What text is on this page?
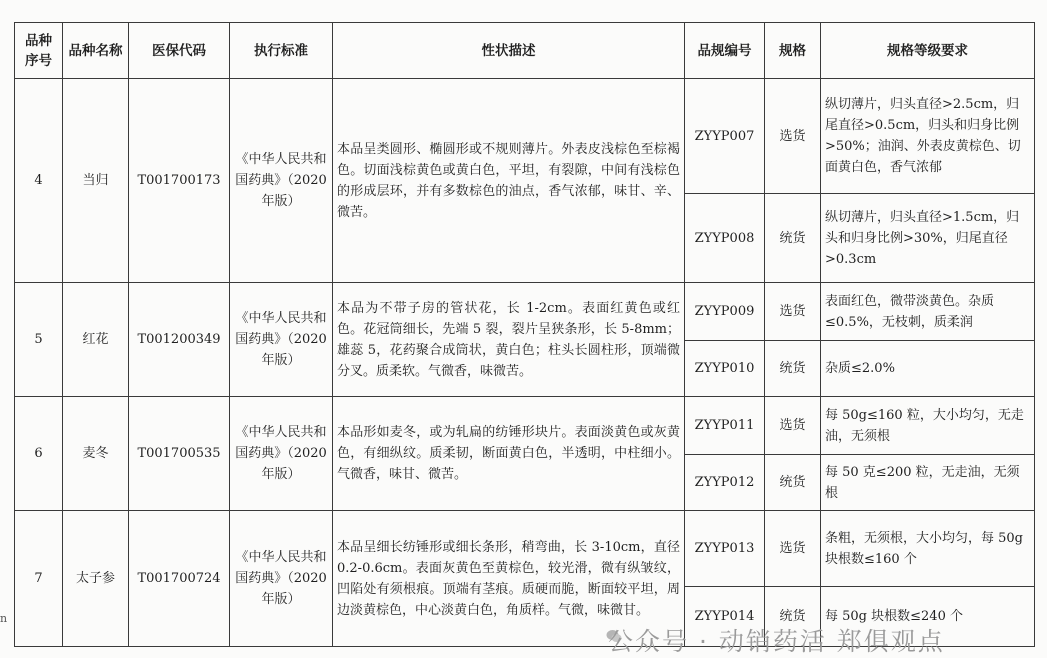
品种序号	品种名称	医保代码	执行标准	性状描述	品规编号	规格	规格等级要求
4	当归	T001700173	《中华人民共和国药典》（2020 年版）	本品呈类圆形、椭圆形或不规则薄片。外表皮浅棕色至棕褐色。切面浅棕黄色或黄白色，平坦，有裂隙，中间有浅棕色的形成层环，并有多数棕色的油点，香气浓郁，味甘、辛、微苦。	ZYYP007	选货	纵切薄片，归头直径>2.5cm，归尾直径>0.5cm，归头和归身比例>50%；油润、外表皮黄棕色、切面黄白色，香气浓郁
					ZYYP008	统货	纵切薄片，归头直径>1.5cm，归头和归身比例>30%，归尾直径>0.3cm
5	红花	T001200349	《中华人民共和国药典》（2020 年版）	本品为不带子房的管状花，长 1-2cm。表面红黄色或红色。花冠筒细长，先端 5 裂，裂片呈狭条形，长 5-8mm；雄蕊 5，花药聚合成筒状，黄白色；柱头长圆柱形，顶端微分叉。质柔软。气微香，味微苦。	ZYYP009	选货	表面红色，微带淡黄色。杂质≤0.5%，无枝刺，质柔润
					ZYYP010	统货	杂质≤2.0%
6	麦冬	T001700535	《中华人民共和国药典》（2020 年版）	本品形如麦冬，或为轧扁的纺锤形块片。表面淡黄色或灰黄色，有细纵纹。质柔韧，断面黄白色，半透明，中柱细小。气微香，味甘、微苦。	ZYYP011	选货	每 50g≤160 粒，大小均匀，无走油，无须根
					ZYYP012	统货	每 50 克≤200 粒，无走油，无须根
7	太子参	T001700724	《中华人民共和国药典》（2020 年版）	本品呈细长纺锤形或细长条形，稍弯曲，长 3-10cm，直径 0.2-0.6cm。表面灰黄色至黄棕色，较光滑，微有纵皱纹，凹陷处有须根痕。顶端有茎痕。质硬而脆，断面较平坦，周边淡黄棕色，中心淡黄白色，角质样。气微，味微甘。	ZYYP013	选货	条粗，无须根，大小均匀，每 50g 块根数≤160 个
					ZYYP014	统货	每 50g 块根数≤240 个
公众号 · 动销药活 郑俱观点
n
